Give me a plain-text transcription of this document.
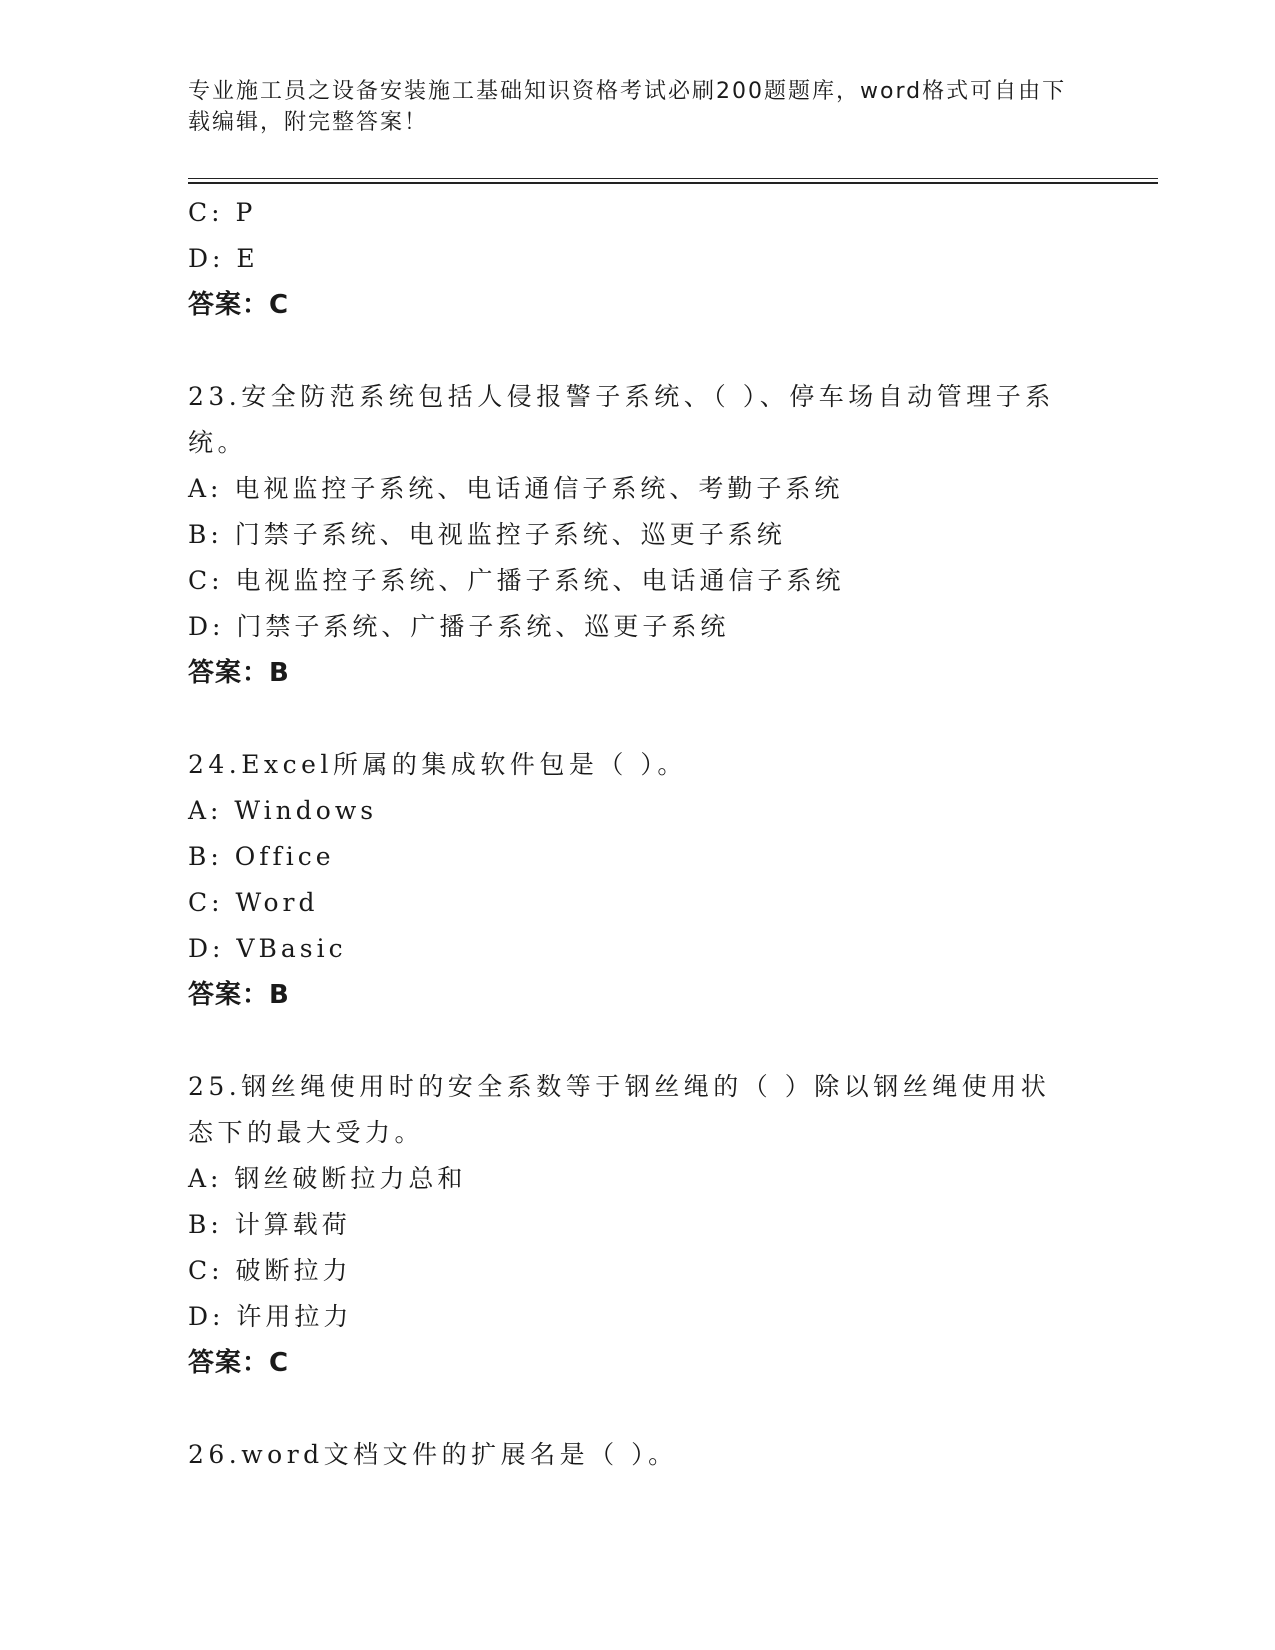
专业施工员之设备安装施工基础知识资格考试必刷200题题库，word格式可自由下载编辑，附完整答案！
C: P
D: E
答案：C
23.安全防范系统包括人侵报警子系统、（ ）、停车场自动管理子系统。
A: 电视监控子系统、电话通信子系统、考勤子系统
B: 门禁子系统、电视监控子系统、巡更子系统
C: 电视监控子系统、广播子系统、电话通信子系统
D: 门禁子系统、广播子系统、巡更子系统
答案：B
24.Excel所属的集成软件包是（ ）。
A: Windows
B: Office
C: Word
D: VBasic
答案：B
25.钢丝绳使用时的安全系数等于钢丝绳的（ ）除以钢丝绳使用状态下的最大受力。
A: 钢丝破断拉力总和
B: 计算载荷
C: 破断拉力
D: 许用拉力
答案：C
26.word文档文件的扩展名是（ ）。
